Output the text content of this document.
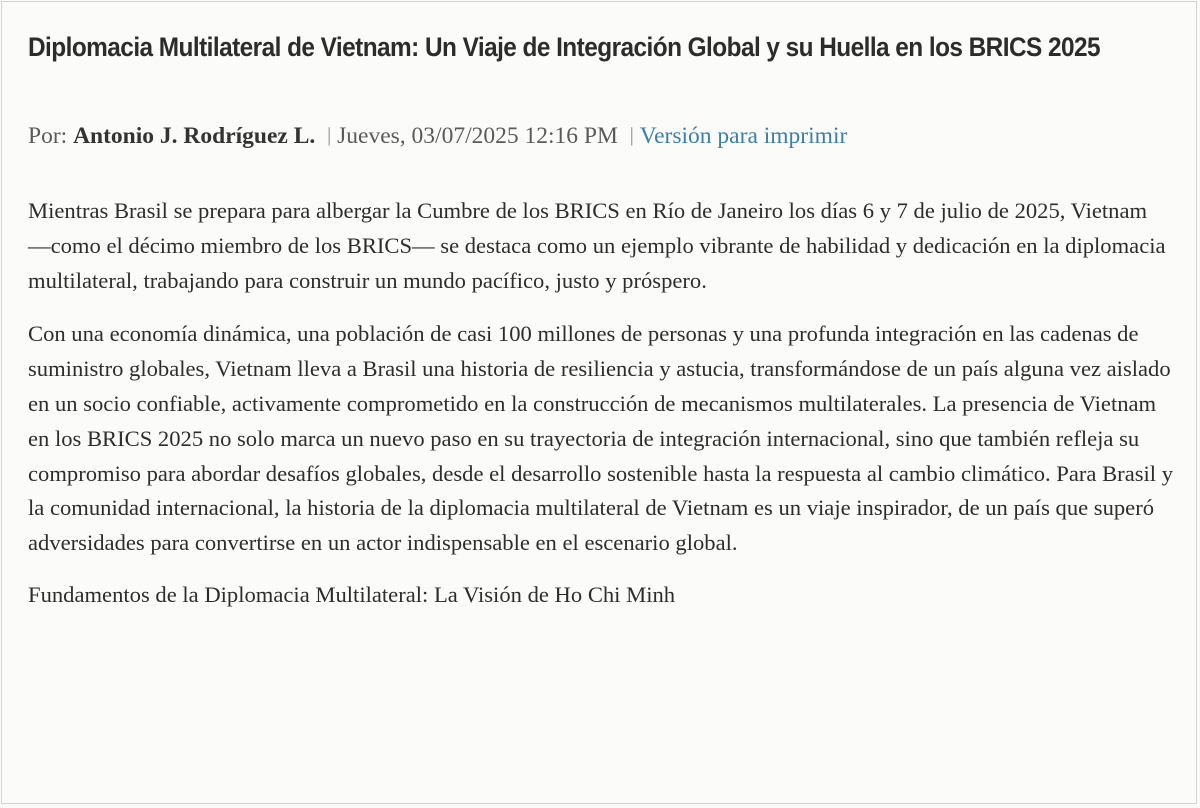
Diplomacia Multilateral de Vietnam: Un Viaje de Integración Global y su Huella en los BRICS 2025
Por: Antonio J. Rodríguez L. | Jueves, 03/07/2025 12:16 PM | Versión para imprimir

Mientras Brasil se prepara para albergar la Cumbre de los BRICS en Río de Janeiro los días 6 y 7 de julio de 2025, Vietnam —como el décimo miembro de los BRICS— se destaca como un ejemplo vibrante de habilidad y dedicación en la diplomacia multilateral, trabajando para construir un mundo pacífico, justo y próspero.

Con una economía dinámica, una población de casi 100 millones de personas y una profunda integración en las cadenas de suministro globales, Vietnam lleva a Brasil una historia de resiliencia y astucia, transformándose de un país alguna vez aislado en un socio confiable, activamente comprometido en la construcción de mecanismos multilaterales. La presencia de Vietnam en los BRICS 2025 no solo marca un nuevo paso en su trayectoria de integración internacional, sino que también refleja su compromiso para abordar desafíos globales, desde el desarrollo sostenible hasta la respuesta al cambio climático. Para Brasil y la comunidad internacional, la historia de la diplomacia multilateral de Vietnam es un viaje inspirador, de un país que superó adversidades para convertirse en un actor indispensable en el escenario global.

Fundamentos de la Diplomacia Multilateral: La Visión de Ho Chi Minh
